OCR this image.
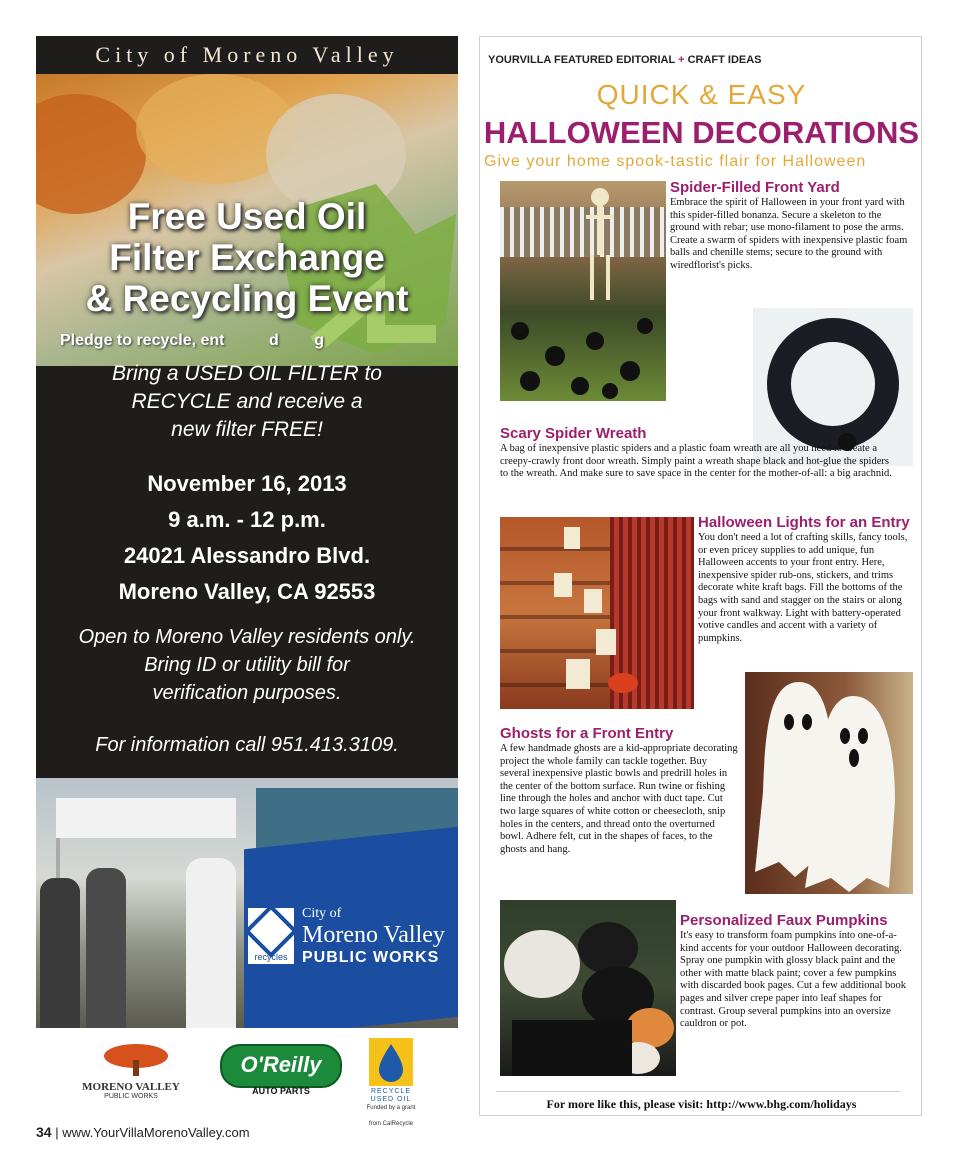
City of Moreno Valley
Free Used Oil
Filter Exchange
& Recycling Event
Pledge to recycle, ent          d        g
Bring a USED OIL FILTER to
RECYCLE and receive a
new filter FREE!
November 16, 2013
9 a.m. - 12 p.m.
24021 Alessandro Blvd.
Moreno Valley, CA 92553
Open to Moreno Valley residents only.
Bring ID or utility bill for
verification purposes.
For information call 951.413.3109.
recycles
City of
Moreno Valley
PUBLIC WORKS
MORENO VALLEY
PUBLIC WORKS
O'Reilly
AUTO PARTS	RECYCLE
USED OIL
Funded by a grant
from CalRecycle
YOURVILLA FEATURED EDITORIAL + CRAFT IDEAS
QUICK & EASY
HALLOWEEN DECORATIONS
Give your home spook-tastic flair for Halloween
Spider-Filled Front Yard
Embrace the spirit of Halloween in your front yard with this spider-filled bonanza. Secure a skeleton to the ground with rebar; use mono-filament to pose the arms. Create a swarm of spiders with inexpensive plastic foam balls and chenille stems; secure to the ground with wiredflorist's picks.
Scary Spider Wreath
A bag of inexpensive plastic spiders and a plastic foam wreath are all you need to create a creepy-crawly front door wreath. Simply paint a wreath shape black and hot-glue the spiders to the wreath. And make sure to save space in the center for the mother-of-all: a big arachnid.
Halloween Lights for an Entry
You don't need a lot of crafting skills, fancy tools, or even pricey supplies to add unique, fun Halloween accents to your front entry. Here, inexpensive spider rub-ons, stickers, and trims decorate white kraft bags. Fill the bottoms of the bags with sand and stagger on the stairs or along your front walkway. Light with battery-operated votive candles and accent with a variety of pumpkins.
Ghosts for a Front Entry
A few handmade ghosts are a kid-appropriate decorating project the whole family can tackle together. Buy several inexpensive plastic bowls and predrill holes in the center of the bottom surface. Run twine or fishing line through the holes and anchor with duct tape. Cut two large squares of white cotton or cheesecloth, snip holes in the centers, and thread onto the overturned bowl. Adhere felt, cut in the shapes of faces, to the ghosts and hang.
Personalized Faux Pumpkins
It's easy to transform foam pumpkins into one-of-a-kind accents for your outdoor Halloween decorating. Spray one pumpkin with glossy black paint and the other with matte black paint; cover a few pumpkins with discarded book pages. Cut a few additional book pages and silver crepe paper into leaf shapes for contrast. Group several pumpkins into an oversize cauldron or pot.
For more like this, please visit: http://www.bhg.com/holidays
34 | www.YourVillaMorenoValley.com
